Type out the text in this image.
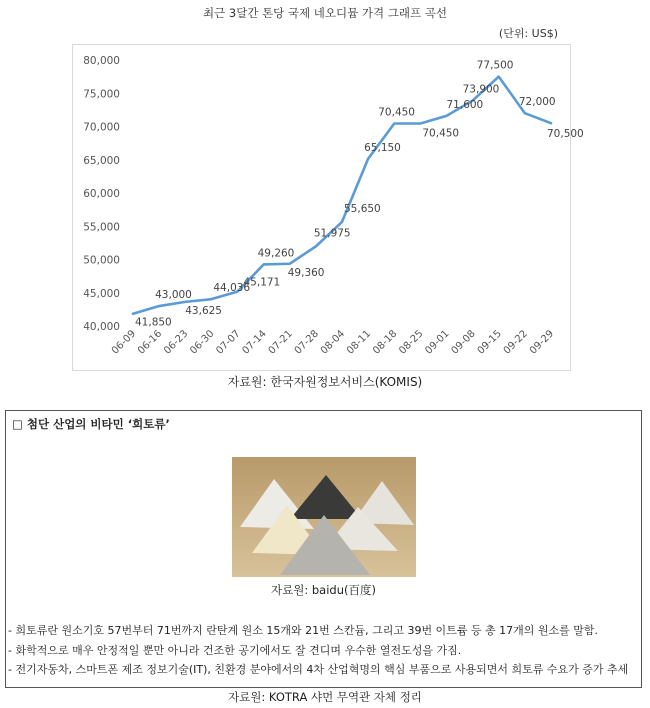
최근 3달간 톤당 국제 네오디뮴 가격 그래프 곡선
(단위: US$)
40,000
45,000
50,000
55,000
60,000
65,000
70,000
75,000
80,000
06-09
06-16
06-23
06-30
07-07
07-14
07-21
07-28
08-04
08-11
08-18
08-25
09-01
09-08
09-15
09-22
09-29
41,850
43,000
43,625
44,036
45,171
49,260
49,360
51,975
55,650
65,150
70,450
70,450
71,600
73,900
77,500
72,000
70,500
자료원: 한국자원정보서비스(KOMIS)
□ 첨단 산업의 비타민 ‘희토류’
자료원: baidu(百度)
- 희토류란 원소기호 57번부터 71번까지 란탄계 원소 15개와 21번 스칸듐, 그리고 39번 이트륨 등 총 17개의 원소를 말함.
- 화학적으로 매우 안정적일 뿐만 아니라 건조한 공기에서도 잘 견디며 우수한 열전도성을 가짐.
- 전기자동차, 스마트폰 제조 정보기술(IT), 친환경 분야에서의 4차 산업혁명의 핵심 부품으로 사용되면서 희토류 수요가 증가 추세
자료원: KOTRA 샤먼 무역관 자체 정리
